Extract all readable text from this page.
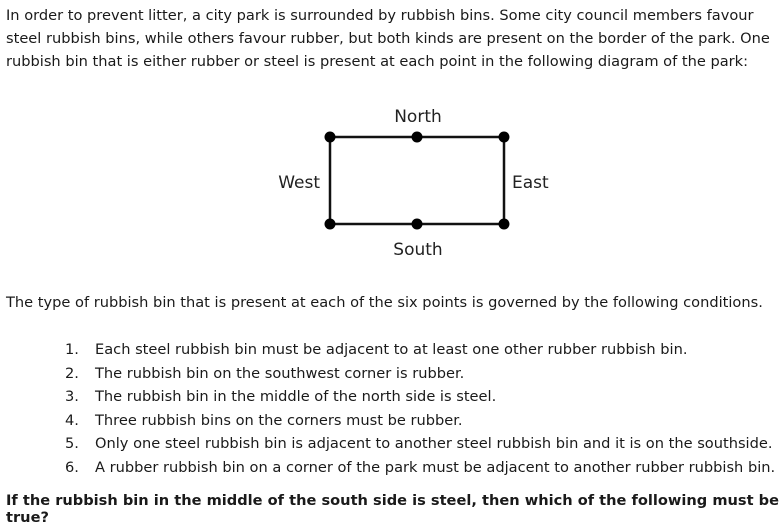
In order to prevent litter, a city park is surrounded by rubbish bins. Some city council members favour steel rubbish bins, while others favour rubber, but both kinds are present on the border of the park. One rubbish bin that is either rubber or steel is present at each point in the following diagram of the park:

North
South
West	East

The type of rubbish bin that is present at each of the six points is governed by the following conditions.

1. Each steel rubbish bin must be adjacent to at least one other rubber rubbish bin.
2. The rubbish bin on the southwest corner is rubber.
3. The rubbish bin in the middle of the north side is steel.
4. Three rubbish bins on the corners must be rubber.
5. Only one steel rubbish bin is adjacent to another steel rubbish bin and it is on the southside.
6. A rubber rubbish bin on a corner of the park must be adjacent to another rubber rubbish bin.

If the rubbish bin in the middle of the south side is steel, then which of the following must be true?
